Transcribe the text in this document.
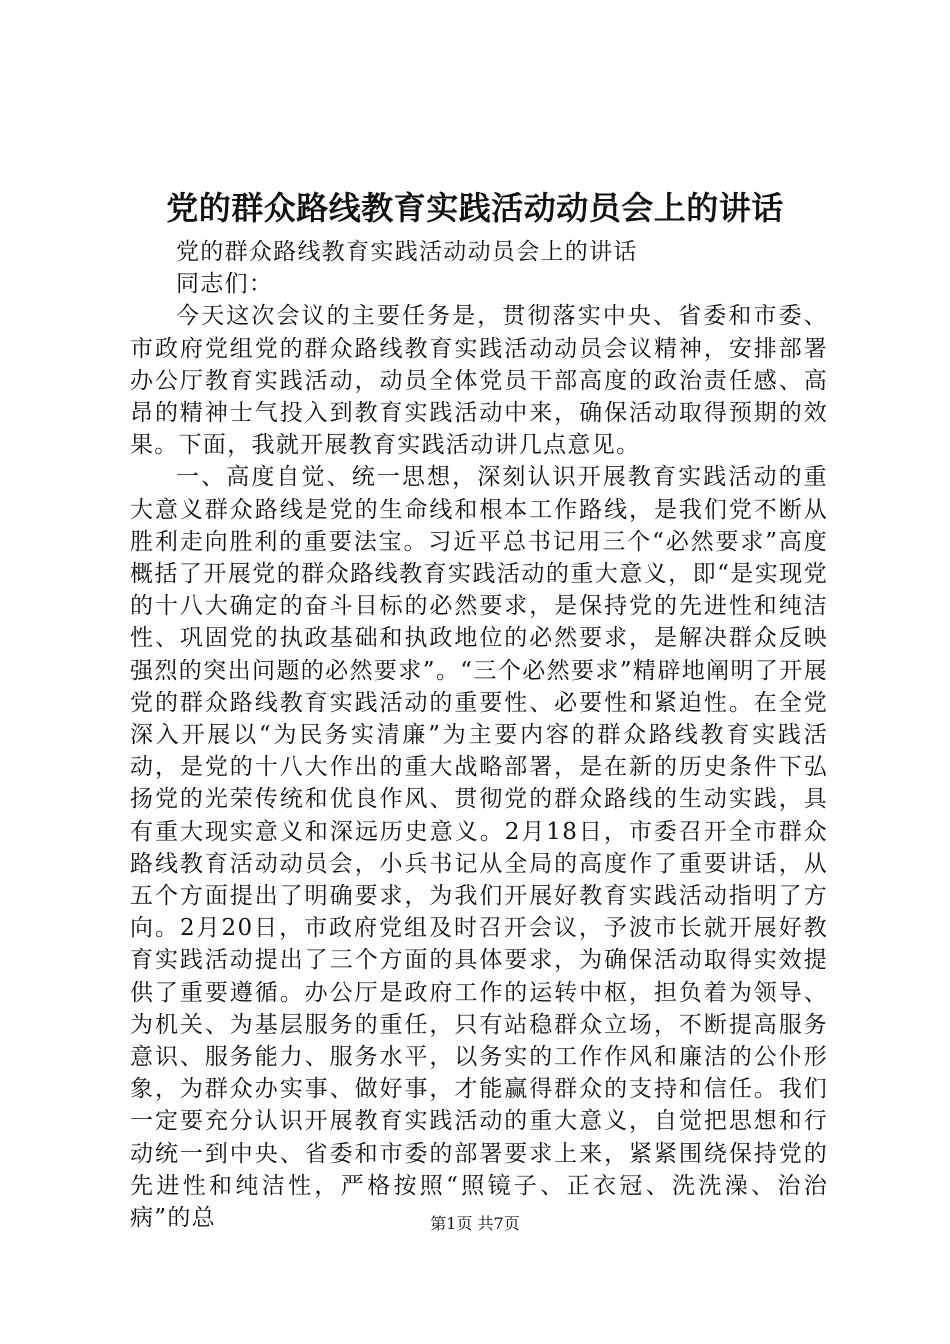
党的群众路线教育实践活动动员会上的讲话

党的群众路线教育实践活动动员会上的讲话

同志们：

今天这次会议的主要任务是，贯彻落实中央、省委和市委、市政府党组党的群众路线教育实践活动动员会议精神，安排部署办公厅教育实践活动，动员全体党员干部高度的政治责任感、高昂的精神士气投入到教育实践活动中来，确保活动取得预期的效果。下面，我就开展教育实践活动讲几点意见。

一、高度自觉、统一思想，深刻认识开展教育实践活动的重大意义群众路线是党的生命线和根本工作路线，是我们党不断从胜利走向胜利的重要法宝。习近平总书记用三个“必然要求”高度概括了开展党的群众路线教育实践活动的重大意义，即“是实现党的十八大确定的奋斗目标的必然要求，是保持党的先进性和纯洁性、巩固党的执政基础和执政地位的必然要求，是解决群众反映强烈的突出问题的必然要求”。“三个必然要求”精辟地阐明了开展党的群众路线教育实践活动的重要性、必要性和紧迫性。在全党深入开展以“为民务实清廉”为主要内容的群众路线教育实践活动，是党的十八大作出的重大战略部署，是在新的历史条件下弘扬党的光荣传统和优良作风、贯彻党的群众路线的生动实践，具有重大现实意义和深远历史意义。2月18日，市委召开全市群众路线教育活动动员会，小兵书记从全局的高度作了重要讲话，从五个方面提出了明确要求，为我们开展好教育实践活动指明了方向。2月20日，市政府党组及时召开会议，予波市长就开展好教育实践活动提出了三个方面的具体要求，为确保活动取得实效提供了重要遵循。办公厅是政府工作的运转中枢，担负着为领导、为机关、为基层服务的重任，只有站稳群众立场，不断提高服务意识、服务能力、服务水平，以务实的工作作风和廉洁的公仆形象，为群众办实事、做好事，才能赢得群众的支持和信任。我们一定要充分认识开展教育实践活动的重大意义，自觉把思想和行动统一到中央、省委和市委的部署要求上来，紧紧围绕保持党的先进性和纯洁性，严格按照“照镜子、正衣冠、洗洗澡、治治病”的总	第1页 共7页
